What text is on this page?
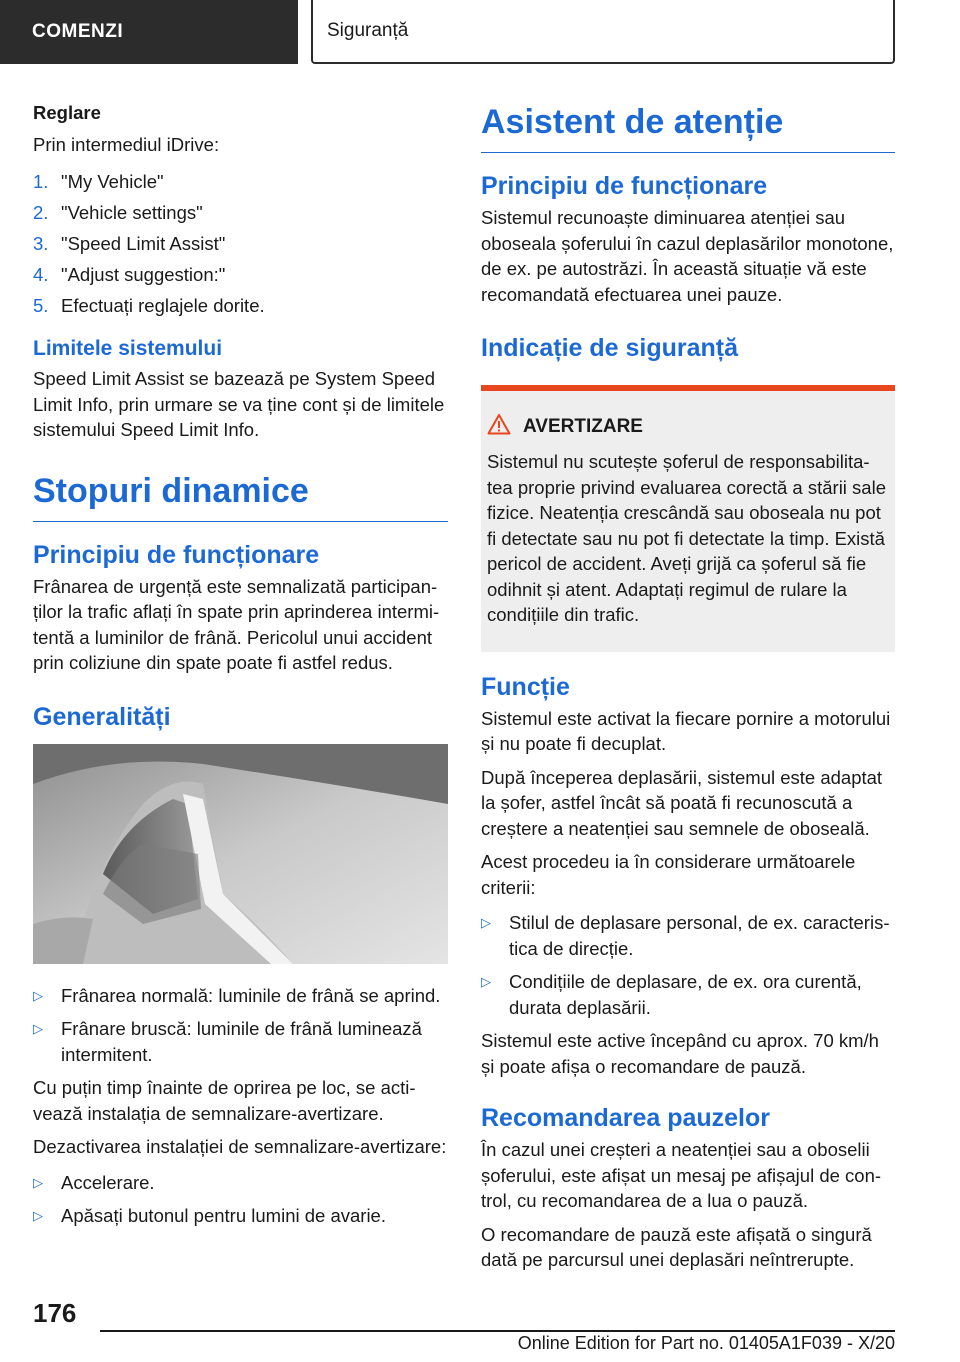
COMENZI	Siguranță

Reglare

Prin intermediul iDrive:

1. "My Vehicle"
2. "Vehicle settings"
3. "Speed Limit Assist"
4. "Adjust suggestion:"
5. Efectuați reglajele dorite.
Limitele sistemului

Speed Limit Assist se bazează pe System Speed Limit Info, prin urmare se va ține cont și de limitele sistemului Speed Limit Info.

Stopuri dinamice
Principiu de funcționare

Frânarea de urgență este semnalizată participanților la trafic aflați în spate prin aprinderea intermitentă a luminilor de frână. Pericolul unui accident prin coliziune din spate poate fi astfel redus.

Generalități
▷ Frânarea normală: luminile de frână se aprind.
▷ Frânare bruscă: luminile de frână luminează intermitent.

Cu puțin timp înainte de oprirea pe loc, se activează instalația de semnalizare-avertizare.

Dezactivarea instalației de semnalizare-avertizare:

▷ Accelerare.
▷ Apăsați butonul pentru lumini de avarie.
Asistent de atenție
Principiu de funcționare

Sistemul recunoaște diminuarea atenției sau oboseala șoferului în cazul deplasărilor monotone, de ex. pe autostrăzi. În această situație vă este recomandată efectuarea unei pauze.

Indicație de siguranță
AVERTIZARE

Sistemul nu scutește șoferul de responsabilitatea proprie privind evaluarea corectă a stării sale fizice. Neatenția crescândă sau oboseala nu pot fi detectate sau nu pot fi detectate la timp. Există pericol de accident. Aveți grijă ca șoferul să fie odihnit și atent. Adaptați regimul de rulare la condițiile din trafic.

Funcție

Sistemul este activat la fiecare pornire a motorului și nu poate fi decuplat.

După începerea deplasării, sistemul este adaptat la șofer, astfel încât să poată fi recunoscută a creștere a neatenției sau semnele de oboseală.

Acest procedeu ia în considerare următoarele criterii:

▷ Stilul de deplasare personal, de ex. caracteristica de direcție.
▷ Condițiile de deplasare, de ex. ora curentă, durata deplasării.

Sistemul este active începând cu aprox. 70 km/h și poate afișa o recomandare de pauză.

Recomandarea pauzelor

În cazul unei creșteri a neatenției sau a oboselii șoferului, este afișat un mesaj pe afișajul de control, cu recomandarea de a lua o pauză.

O recomandare de pauză este afișată o singură dată pe parcursul unei deplasări neîntrerupte.

176
Online Edition for Part no. 01405A1F039 - X/20
